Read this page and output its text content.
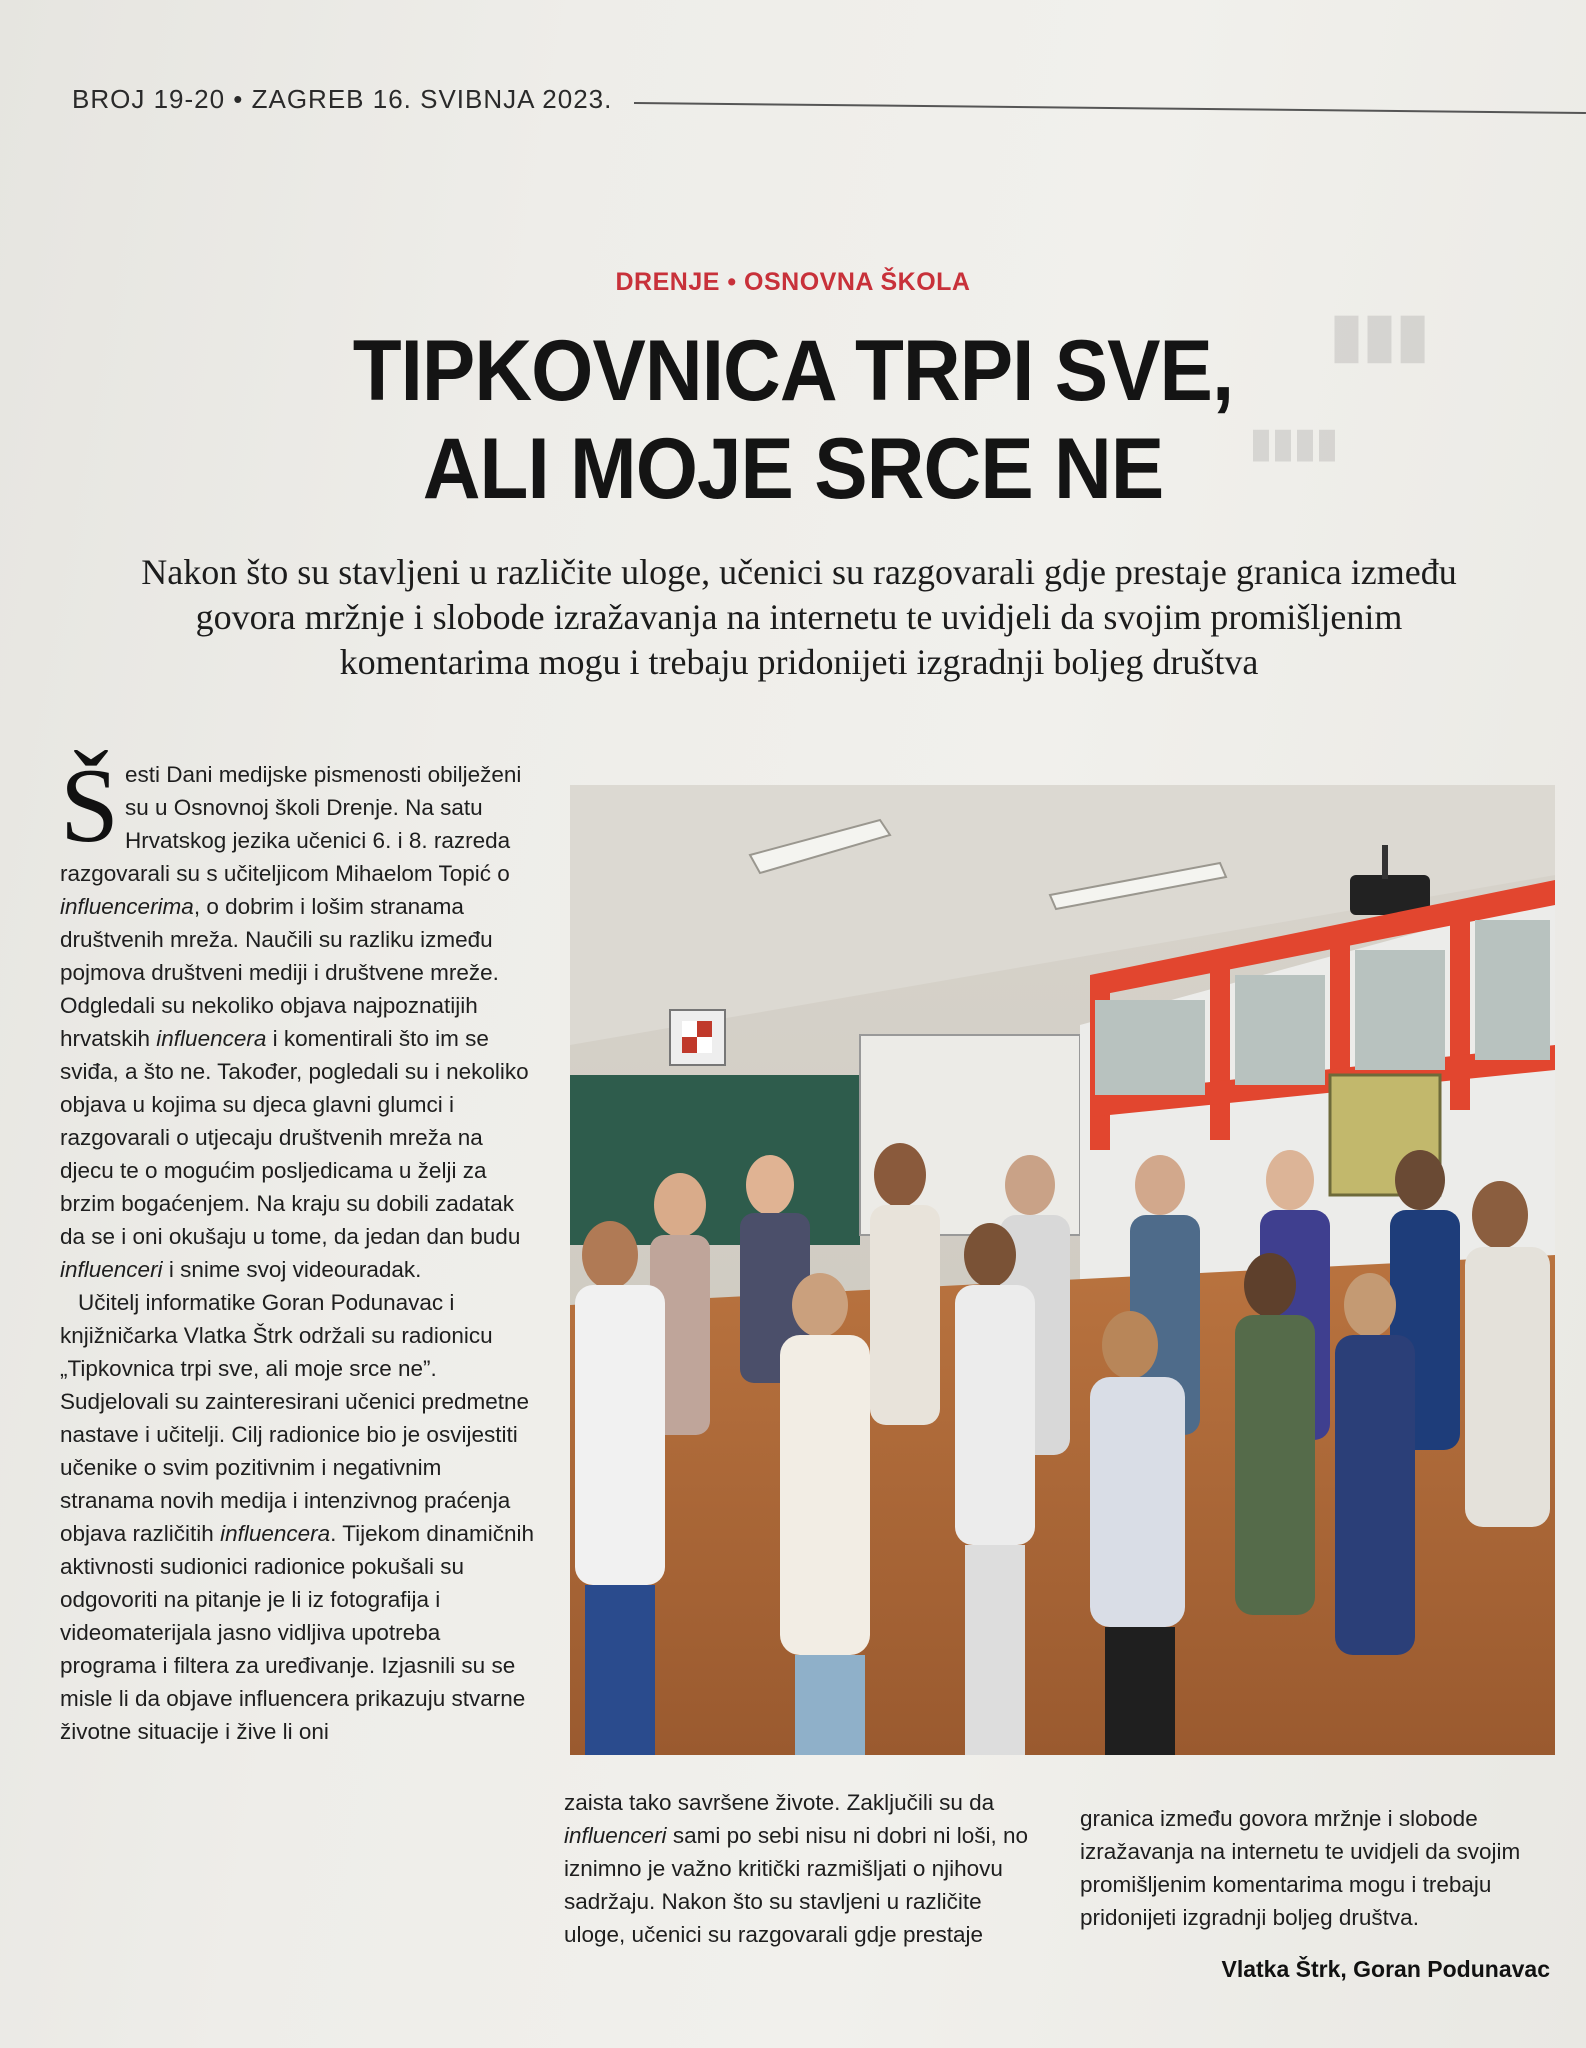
▮▮▮
▮▮▮▮
BROJ 19-20 • ZAGREB 16. SVIBNJA 2023.
DRENJE • OSNOVNA ŠKOLA
TIPKOVNICA TRPI SVE,
ALI MOJE SRCE NE
Nakon što su stavljeni u različite uloge, učenici su razgovarali gdje prestaje granica između govora mržnje i slobode izražavanja na internetu te uvidjeli da svojim promišljenim komentarima mogu i trebaju pridonijeti izgradnji boljeg društva

Šesti Dani medijske pismenosti obilježeni su u Osnovnoj školi Drenje. Na satu Hrvatskog jezika učenici 6. i 8. razreda razgovarali su s učiteljicom Mihaelom Topić o influencerima, o dobrim i lošim stranama društvenih mreža. Naučili su razliku između pojmova društveni mediji i društvene mreže. Odgledali su nekoliko objava najpoznatijih hrvatskih influencera i komentirali što im se sviđa, a što ne. Također, pogledali su i nekoliko objava u kojima su djeca glavni glumci i razgovarali o utjecaju društvenih mreža na djecu te o mogućim posljedicama u želji za brzim bogaćenjem. Na kraju su dobili zadatak da se i oni okušaju u tome, da jedan dan budu influenceri i snime svoj videouradak.

Učitelj informatike Goran Podunavac i knjižničarka Vlatka Štrk održali su radionicu „Tipkovnica trpi sve, ali moje srce ne”. Sudjelovali su zainteresirani učenici predmetne nastave i učitelji. Cilj radionice bio je osvijestiti učenike o svim pozitivnim i negativnim stranama novih medija i intenzivnog praćenja objava različitih influencera. Tijekom dinamičnih aktivnosti sudionici radionice pokušali su odgovoriti na pitanje je li iz fotografija i videomaterijala jasno vidljiva upotreba programa i filtera za uređivanje. Izjasnili su se misle li da objave influencera prikazuju stvarne životne situacije i žive li oni

zaista tako savršene živote. Zaključili su da influenceri sami po sebi nisu ni dobri ni loši, no iznimno je važno kritički razmišljati o njihovu sadržaju. Nakon što su stavljeni u različite uloge, učenici su razgovarali gdje prestaje

granica između govora mržnje i slobode izražavanja na internetu te uvidjeli da svojim promišljenim komentarima mogu i trebaju pridonijeti izgradnji boljeg društva.

Vlatka Štrk, Goran Podunavac
